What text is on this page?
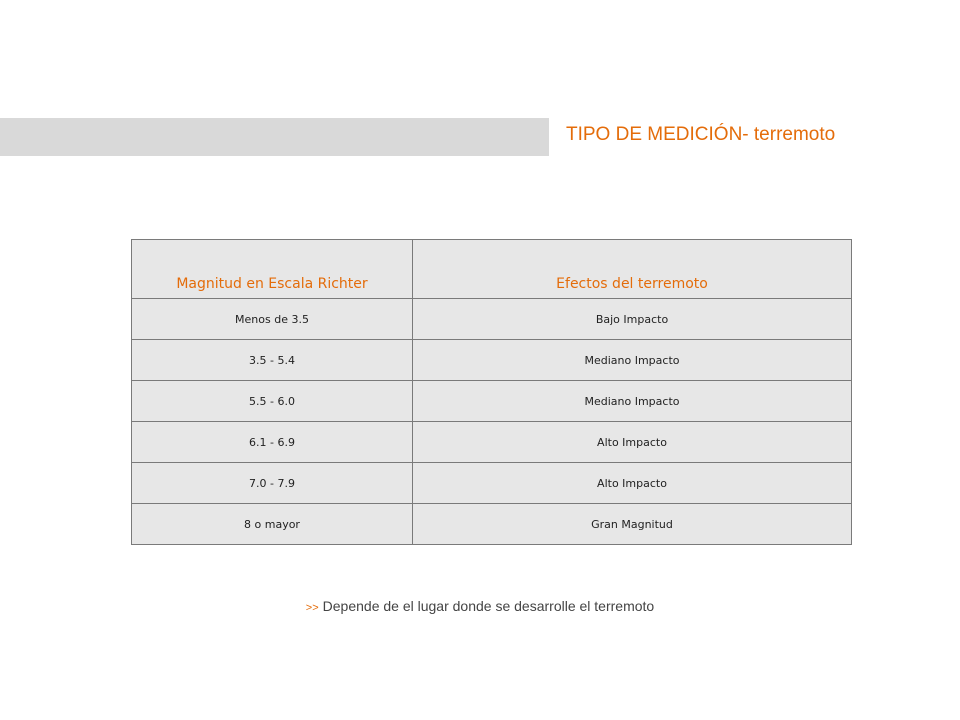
TIPO DE MEDICIÓN- terremoto
Magnitud en Escala Richter	Efectos del terremoto
Menos de 3.5	Bajo Impacto
3.5 - 5.4	Mediano Impacto
5.5 - 6.0	Mediano Impacto
6.1 - 6.9	Alto Impacto
7.0 - 7.9	Alto Impacto
8 o mayor	Gran Magnitud
>> Depende de el lugar donde se desarrolle el terremoto
